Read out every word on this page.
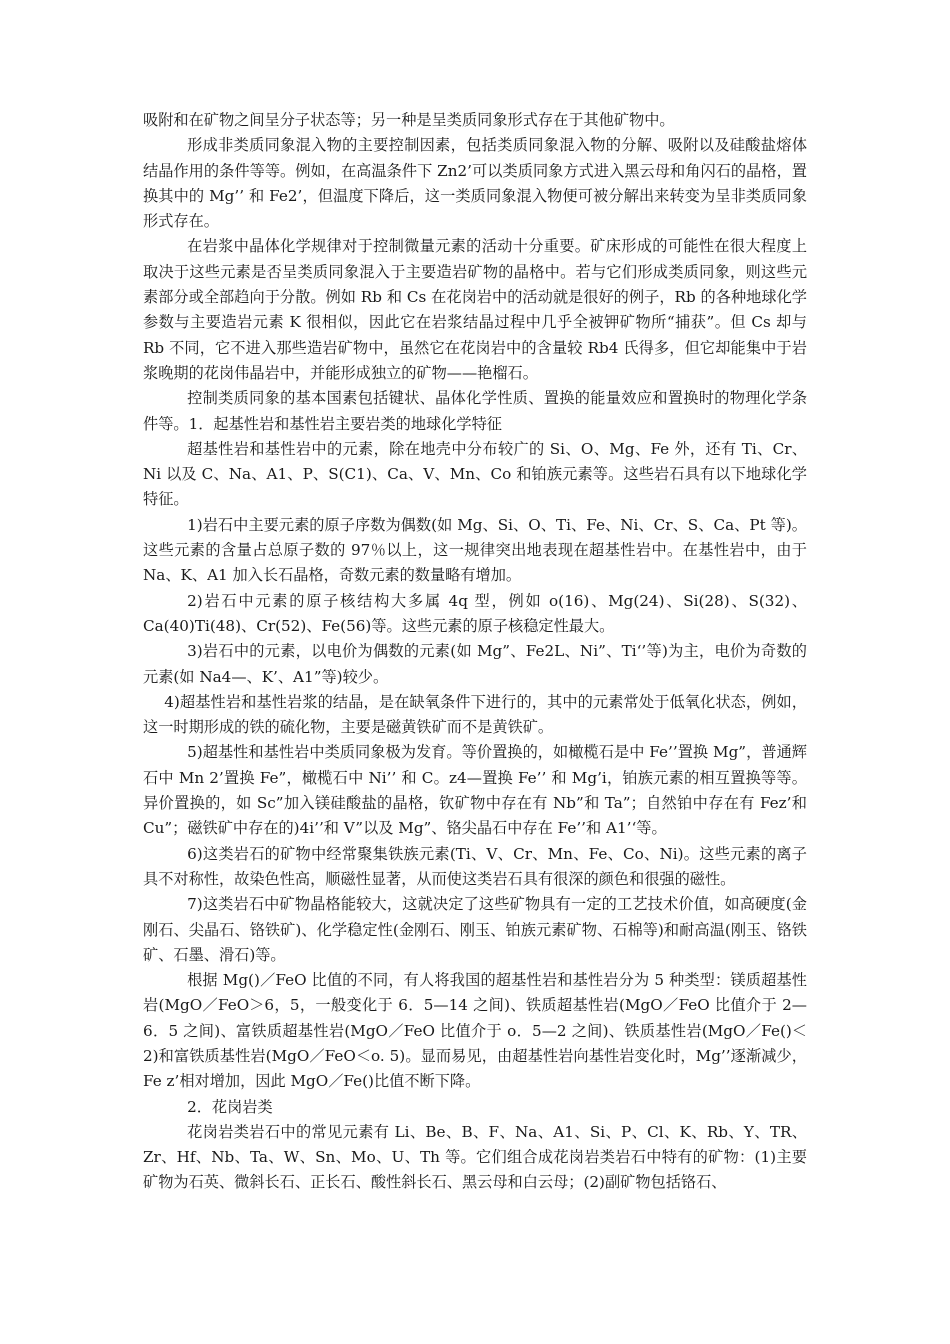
吸附和在矿物之间呈分子状态等；另一种是呈类质同象形式存在于其他矿物中。

形成非类质同象混入物的主要控制因素，包括类质同象混入物的分解、吸附以及硅酸盐熔体结晶作用的条件等等。例如，在高温条件下 Zn2’可以类质同象方式进入黑云母和角闪石的晶格，置换其中的 Mg’’ 和 Fe2’，但温度下降后，这一类质同象混入物便可被分解出来转变为呈非类质同象形式存在。

在岩浆中晶体化学规律对于控制微量元素的活动十分重要。矿床形成的可能性在很大程度上取决于这些元素是否呈类质同象混入于主要造岩矿物的晶格中。若与它们形成类质同象，则这些元素部分或全部趋向于分散。例如 Rb 和 Cs 在花岗岩中的活动就是很好的例子，Rb 的各种地球化学参数与主要造岩元素 K 很相似，因此它在岩浆结晶过程中几乎全被钾矿物所“捕获”。但 Cs 却与 Rb 不同，它不进入那些造岩矿物中，虽然它在花岗岩中的含量较 Rb4 氏得多，但它却能集中于岩浆晚期的花岗伟晶岩中，并能形成独立的矿物——艳榴石。

控制类质同象的基本国素包括键状、晶体化学性质、置换的能量效应和置换时的物理化学条件等。1．起基性岩和基性岩主要岩类的地球化学特征

超基性岩和基性岩中的元素，除在地壳中分布较广的 Si、O、Mg、Fe 外，还有 Ti、Cr、Ni 以及 C、Na、A1、P、S(C1)、Ca、V、Mn、Co 和铂族元素等。这些岩石具有以下地球化学特征。

1)岩石中主要元素的原子序数为偶数(如 Mg、Si、O、Ti、Fe、Ni、Cr、S、Ca、Pt 等)。这些元素的含量占总原子数的 97％以上，这一规律突出地表现在超基性岩中。在基性岩中，由于 Na、K、A1 加入长石晶格，奇数元素的数量略有增加。

2)岩石中元素的原子核结构大多属 4q 型，例如 o(16)、Mg(24)、Si(28)、S(32)、Ca(40)Ti(48)、Cr(52)、Fe(56)等。这些元素的原子核稳定性最大。

3)岩石中的元素，以电价为偶数的元素(如 Mg”、Fe2L、Ni”、Ti‘’等)为主，电价为奇数的元素(如 Na4—、K’、A1”等)较少。

4)超基性岩和基性岩浆的结晶，是在缺氧条件下进行的，其中的元素常处于低氧化状态，例如，这一时期形成的铁的硫化物，主要是磁黄铁矿而不是黄铁矿。

5)超基性和基性岩中类质同象极为发育。等价置换的，如橄榄石是中 Fe’’置换 Mg”，普通辉石中 Mn 2’置换 Fe”，橄榄石中 Ni’’ 和 C。z4—置换 Fe’’ 和 Mg’i，铂族元素的相互置换等等。异价置换的，如 Sc”加入镁硅酸盐的晶格，钦矿物中存在有 Nb”和 Ta”；自然铂中存在有 Fez’和 Cu”；磁铁矿中存在的)4i’’和 V”以及 Mg”、铬尖晶石中存在 Fe’’和 A1’‘等。

6)这类岩石的矿物中经常聚集铁族元素(Ti、V、Cr、Mn、Fe、Co、Ni)。这些元素的离子具不对称性，故染色性高，顺磁性显著，从而使这类岩石具有很深的颜色和很强的磁性。

7)这类岩石中矿物晶格能较大，这就决定了这些矿物具有一定的工艺技术价值，如高硬度(金刚石、尖晶石、铬铁矿)、化学稳定性(金刚石、刚玉、铂族元素矿物、石棉等)和耐高温(刚玉、铬铁矿、石墨、滑石)等。

根据 Mg()／FeO 比值的不同，有人将我国的超基性岩和基性岩分为 5 种类型：镁质超基性岩(MgO／FeO＞6，5，一般变化于 6．5—14 之间)、铁质超基性岩(MgO／FeO 比值介于 2—6．5 之间)、富铁质超基性岩(MgO／FeO 比值介于 o．5—2 之间)、铁质基性岩(MgO／Fe()＜2)和富铁质基性岩(MgO／FeO＜o. 5)。显而易见，由超基性岩向基性岩变化时，Mg’’逐渐减少，Fe z’相对增加，因此 MgO／Fe()比值不断下降。

2．花岗岩类

花岗岩类岩石中的常见元素有 Li、Be、B、F、Na、A1、Si、P、Cl、K、Rb、Y、TR、Zr、Hf、Nb、Ta、W、Sn、Mo、U、Th 等。它们组合成花岗岩类岩石中特有的矿物：(1)主要矿物为石英、微斜长石、正长石、酸性斜长石、黑云母和白云母；(2)副矿物包括铬石、
